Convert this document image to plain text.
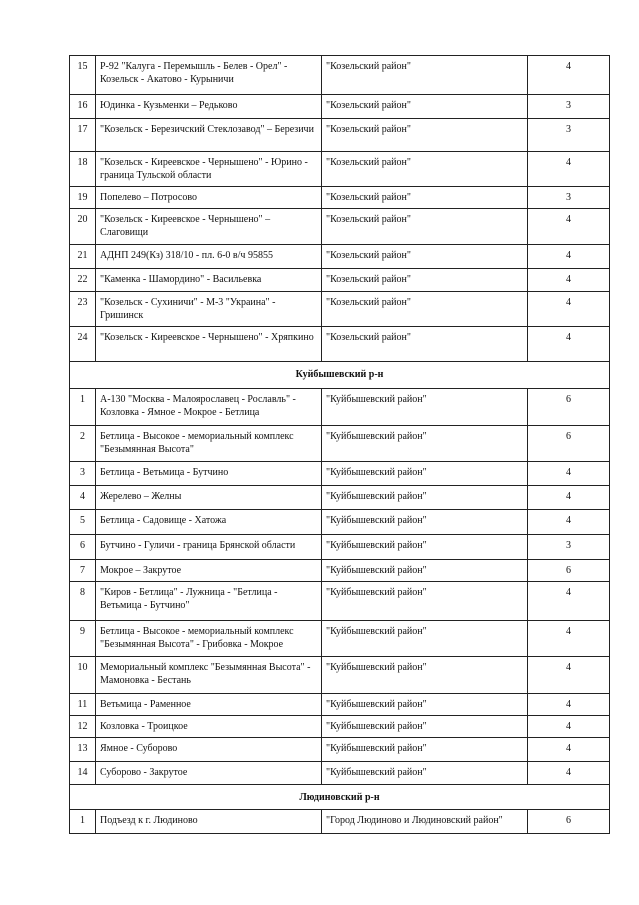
15	Р-92 "Калуга - Перемышль - Белев - Орел" - Козельск - Акатово - Курыничи	"Козельский район"	4
16	Юдинка - Кузьменки – Редьково	"Козельский район"	3
17	"Козельск - Березичский Стеклозавод" – Березичи	"Козельский район"	3
18	"Козельск - Киреевское - Чернышено" - Юрино - граница Тульской области	"Козельский район"	4
19	Попелево – Потросово	"Козельский район"	3
20	"Козельск - Киреевское - Чернышено" – Слаговищи	"Козельский район"	4
21	АДНП 249(Кз) 318/10 - пл. 6-0 в/ч 95855	"Козельский район"	4
22	"Каменка - Шамордино" - Васильевка	"Козельский район"	4
23	"Козельск - Сухиничи" - М-3 "Украина" - Гришинск	"Козельский район"	4
24	"Козельск - Киреевское - Чернышено" - Хряпкино	"Козельский район"	4
Куйбышевский р-н			
1	А-130 "Москва - Малоярославец - Рославль" - Козловка - Ямное - Мокрое - Бетлица	"Куйбышевский район"	6
2	Бетлица - Высокое - мемориальный комплекс "Безымянная Высота"	"Куйбышевский район"	6
3	Бетлица - Ветьмица - Бутчино	"Куйбышевский район"	4
4	Жерелево – Желны	"Куйбышевский район"	4
5	Бетлица - Садовище - Хатожа	"Куйбышевский район"	4
6	Бутчино - Гуличи - граница Брянской области	"Куйбышевский район"	3
7	Мокрое – Закрутое	"Куйбышевский район"	6
8	"Киров - Бетлица" - Лужница - "Бетлица - Ветьмица - Бутчино"	"Куйбышевский район"	4
9	Бетлица - Высокое - мемориальный комплекс "Безымянная Высота" - Грибовка - Мокрое	"Куйбышевский район"	4
10	Мемориальный комплекс "Безымянная Высота" - Мамоновка - Бестань	"Куйбышевский район"	4
11	Ветьмица - Раменное	"Куйбышевский район"	4
12	Козловка - Троицкое	"Куйбышевский район"	4
13	Ямное - Суборово	"Куйбышевский район"	4
14	Суборово - Закрутое	"Куйбышевский район"	4
Людиновский р-н			
1	Подъезд к г. Людиново	"Город Людиново и Людиновский район"	6
